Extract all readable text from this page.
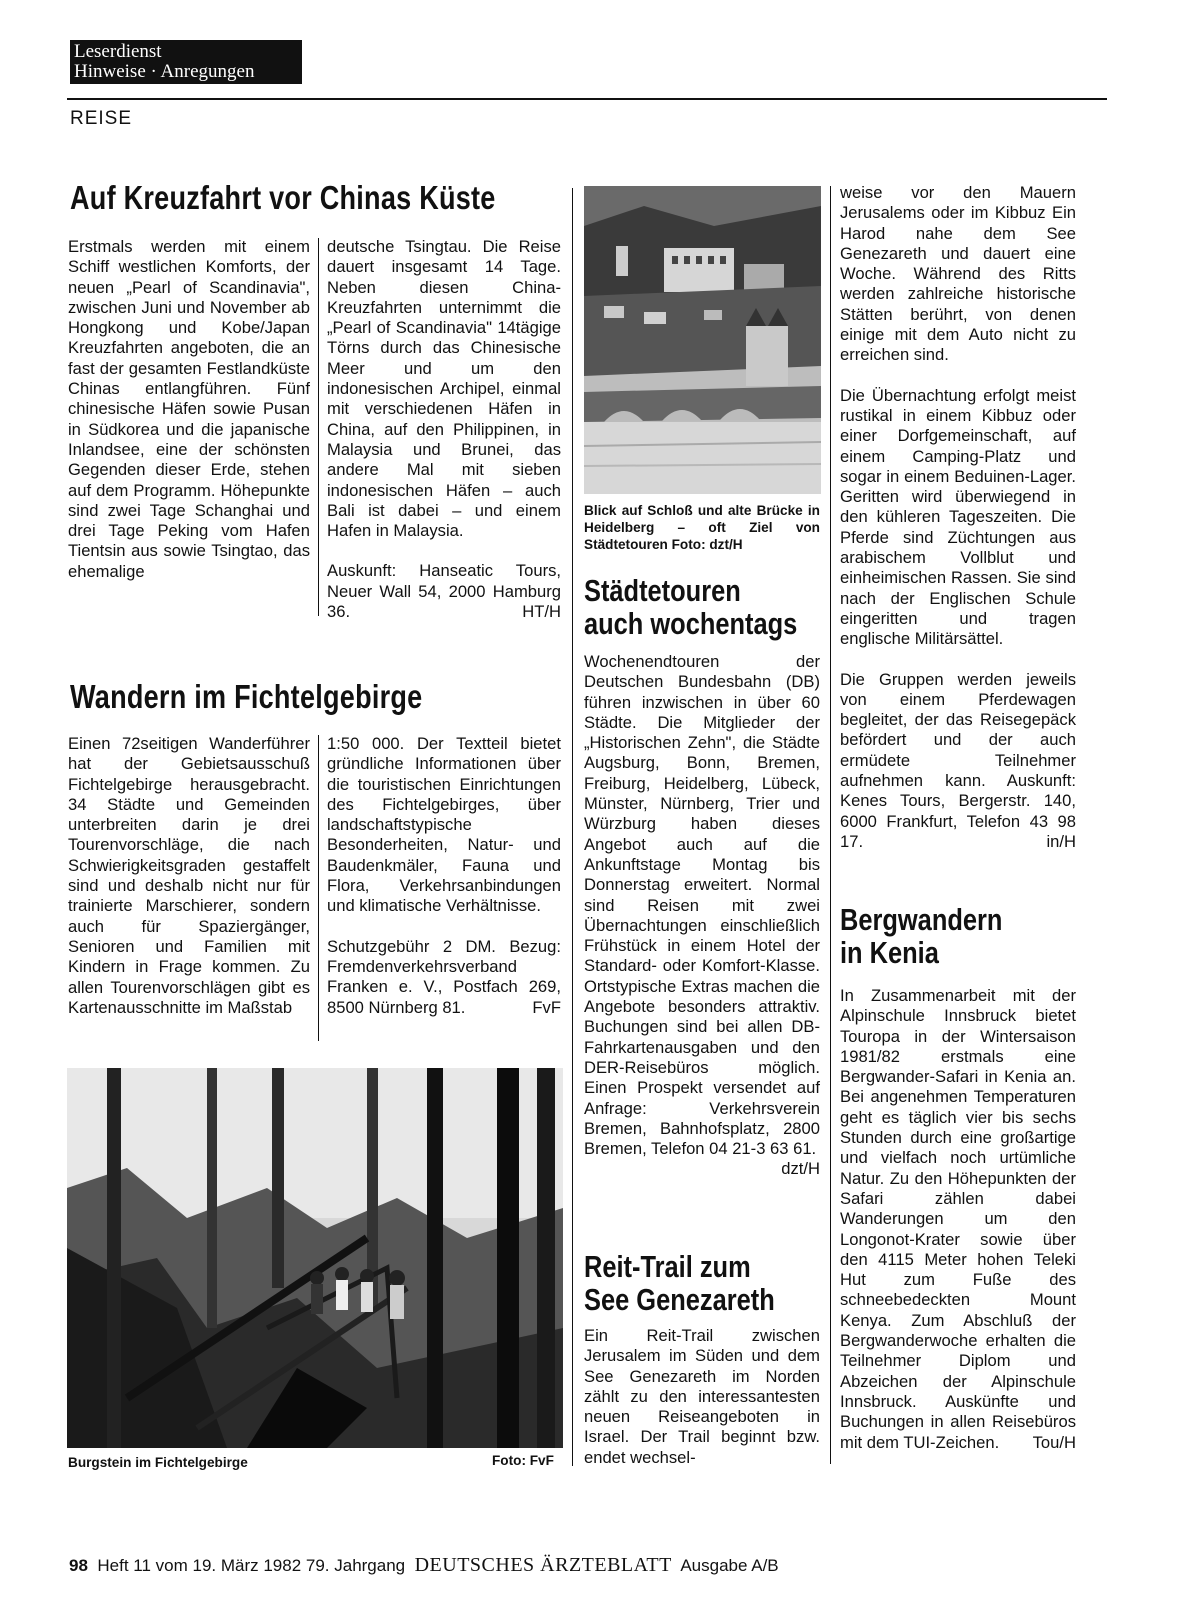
Leserdienst
Hinweise · Anregungen
REISE
Auf Kreuzfahrt vor Chinas Küste

Erstmals werden mit einem Schiff westlichen Komforts, der neuen „Pearl of Scandinavia", zwischen Juni und November ab Hongkong und Kobe/Japan Kreuzfahrten angeboten, die an fast der gesamten Festlandküste Chinas entlangführen. Fünf chinesische Häfen sowie Pusan in Südkorea und die japanische Inlandsee, eine der schönsten Gegenden dieser Erde, stehen auf dem Programm. Höhepunkte sind zwei Tage Schanghai und drei Tage Peking vom Hafen Tientsin aus sowie Tsingtao, das ehemalige

deutsche Tsingtau. Die Reise dauert insgesamt 14 Tage. Neben diesen China-Kreuzfahrten unternimmt die „Pearl of Scandinavia" 14tägige Törns durch das Chinesische Meer und um den indonesischen Archipel, einmal mit verschiedenen Häfen in China, auf den Philippinen, in Malaysia und Brunei, das andere Mal mit sieben indonesischen Häfen – auch Bali ist dabei – und einem Hafen in Malaysia.

Auskunft: Hanseatic Tours, Neuer Wall 54, 2000 Hamburg 36.	HT/H

Wandern im Fichtelgebirge

Einen 72seitigen Wanderführer hat der Gebietsausschuß Fichtelgebirge herausgebracht. 34 Städte und Gemeinden unterbreiten darin je drei Tourenvorschläge, die nach Schwierigkeitsgraden gestaffelt sind und deshalb nicht nur für trainierte Marschierer, sondern auch für Spaziergänger, Senioren und Familien mit Kindern in Frage kommen. Zu allen Tourenvorschlägen gibt es Kartenausschnitte im Maßstab

1:50 000. Der Textteil bietet gründliche Informationen über die touristischen Einrichtungen des Fichtelgebirges, über landschaftstypische Besonderheiten, Natur- und Baudenkmäler, Fauna und Flora, Verkehrsanbindungen und klimatische Verhältnisse.

Schutzgebühr 2 DM. Bezug: Fremdenverkehrsverband Franken e. V., Postfach 269, 8500 Nürnberg 81.	FvF

Burgstein im Fichtelgebirge	Foto: FvF
Blick auf Schloß und alte Brücke in Heidelberg – oft Ziel von Städtetouren Foto: dzt/H
Städtetouren
auch wochentags

Wochenendtouren der Deutschen Bundesbahn (DB) führen inzwischen in über 60 Städte. Die Mitglieder der „Historischen Zehn", die Städte Augsburg, Bonn, Bremen, Freiburg, Heidelberg, Lübeck, Münster, Nürnberg, Trier und Würzburg haben dieses Angebot auch auf die Ankunftstage Montag bis Donnerstag erweitert. Normal sind Reisen mit zwei Übernachtungen einschließlich Frühstück in einem Hotel der Standard- oder Komfort-Klasse. Ortstypische Extras machen die Angebote besonders attraktiv. Buchungen sind bei allen DB-Fahrkartenausgaben und den DER-Reisebüros möglich. Einen Prospekt versendet auf Anfrage: Verkehrsverein Bremen, Bahnhofsplatz, 2800 Bremen, Telefon 04 21-3 63 61.
dzt/H

Reit-Trail zum
See Genezareth

Ein Reit-Trail zwischen Jerusalem im Süden und dem See Genezareth im Norden zählt zu den interessantesten neuen Reiseangeboten in Israel. Der Trail beginnt bzw. endet wechsel-

weise vor den Mauern Jerusalems oder im Kibbuz Ein Harod nahe dem See Genezareth und dauert eine Woche. Während des Ritts werden zahlreiche historische Stätten berührt, von denen einige mit dem Auto nicht zu erreichen sind.

Die Übernachtung erfolgt meist rustikal in einem Kibbuz oder einer Dorfgemeinschaft, auf einem Camping-Platz und sogar in einem Beduinen-Lager. Geritten wird überwiegend in den kühleren Tageszeiten. Die Pferde sind Züchtungen aus arabischem Vollblut und einheimischen Rassen. Sie sind nach der Englischen Schule eingeritten und tragen englische Militärsättel.

Die Gruppen werden jeweils von einem Pferdewagen begleitet, der das Reisegepäck befördert und der auch ermüdete Teilnehmer aufnehmen kann. Auskunft: Kenes Tours, Bergerstr. 140, 6000 Frankfurt, Telefon 43 98 17.	in/H

Bergwandern
in Kenia

In Zusammenarbeit mit der Alpinschule Innsbruck bietet Touropa in der Wintersaison 1981/82 erstmals eine Bergwander-Safari in Kenia an. Bei angenehmen Temperaturen geht es täglich vier bis sechs Stunden durch eine großartige und vielfach noch urtümliche Natur. Zu den Höhepunkten der Safari zählen dabei Wanderungen um den Longonot-Krater sowie über den 4115 Meter hohen Teleki Hut zum Fuße des schneebedeckten Mount Kenya. Zum Abschluß der Bergwanderwoche erhalten die Teilnehmer Diplom und Abzeichen der Alpinschule Innsbruck. Auskünfte und Buchungen in allen Reisebüros mit dem TUI-Zeichen. Tou/H

98 Heft 11 vom 19. März 1982 79. Jahrgang DEUTSCHES ÄRZTEBLATT Ausgabe A/B
